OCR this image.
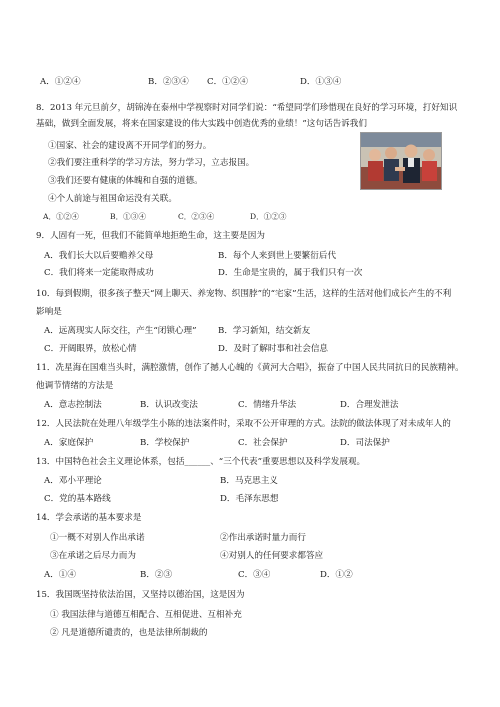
A．①②④	B．②③④ C．①②④	D．①③④
8．2013 年元旦前夕，胡锦涛在泰州中学视察时对同学们说：“希望同学们珍惜现在良好的学习环境，打好知识
基础，做到全面发展，将来在国家建设的伟大实践中创造优秀的业绩！”这句话告诉我们
①国家、社会的建设离不开同学们的努力。
②我们要注重科学的学习方法，努力学习，立志报国。
③我们还要有健康的体魄和自强的道德。
④个人前途与祖国命运没有关联。
A．①②④	B．①③④	C．②③④	D．①②③
9．人固有一死，但我们不能简单地拒绝生命，这主要是因为
A．我们长大以后要赡养父母	B．每个人来到世上要繁衍后代
C．我们将来一定能取得成功	D．生命是宝贵的，属于我们只有一次
10．每到假期，很多孩子整天“网上聊天、养宠物、织围脖”的“宅家”生活，这样的生活对他们成长产生的不利
影响是
A．远离现实人际交往，产生“闭锁心理”	B．学习新知，结交新友
C．开阔眼界，放松心情	D．及时了解时事和社会信息
11．冼星海在国难当头时，满腔激情，创作了撼人心魄的《黄河大合唱》，振奋了中国人民共同抗日的民族精神。
他调节情绪的方法是
A．意志控制法	B．认识改变法	C．情绪升华法	D．合理发泄法
12．人民法院在处理八年级学生小陈的违法案件时，采取不公开审理的方式。法院的做法体现了对未成年人的
A．家庭保护	B．学校保护	C．社会保护	D．司法保护
13．中国特色社会主义理论体系，包括______、“三个代表”重要思想以及科学发展观。
A．邓小平理论	B．马克思主义
C．党的基本路线	D．毛泽东思想
14．学会承诺的基本要求是
①一概不对别人作出承诺	②作出承诺时量力而行
③在承诺之后尽力而为	④对别人的任何要求都答应
A．①④	B．②③	C．③④	D．①②
15．我国既坚持依法治国，又坚持以德治国，这是因为
① 我国法律与道德互相配合、互相促进、互相补充
② 凡是道德所谴责的，也是法律所制裁的
